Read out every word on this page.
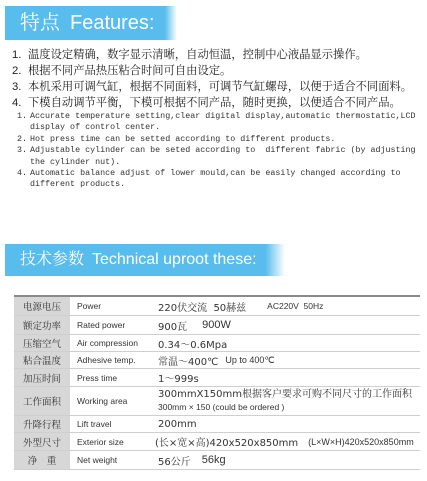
特点 Features:
1. 温度设定精确，数字显示清晰，自动恒温，控制中心液晶显示操作。
2. 根据不同产品热压粘合时间可自由设定。
3. 本机采用可调气缸，根据不同面料，可调节气缸螺母，以便于适合不同面料。
4. 下模自动调节平衡，下模可根据不同产品，随时更换，以便适合不同产品。
1. Accurate temperature setting,clear digital display,automatic thermostatic,LCD display of control center.
2. Hot press time can be setted according to different products.
3. Adjustable cylinder can be seted according to  different fabric (by adjusting the cylinder nut).
4. Automatic balance adjust of lower mould,can be easily changed according to different products.
技术参数 Technical uproot these:
电源电压	Power	220伏交流  50赫兹 AC220V  50Hz
额定功率	Rated power	900瓦 900W
压缩空气	Air compression	0.34～0.6Mpa
粘合温度	Adhesive temp.	常温～400℃ Up to 400℃
加压时间	Press time	1～999s
工作面积	Working area
300mmX150mm根据客户要求可购不同尺寸的工作面积
300mm × 150 (could be ordered )
升降行程	Lift travel	200mm
外型尺寸	Exterior size	(长×宽×高)420x520x850mm (L×W×H)420x520x850mm
净　重	Net weight	56公斤 56kg
